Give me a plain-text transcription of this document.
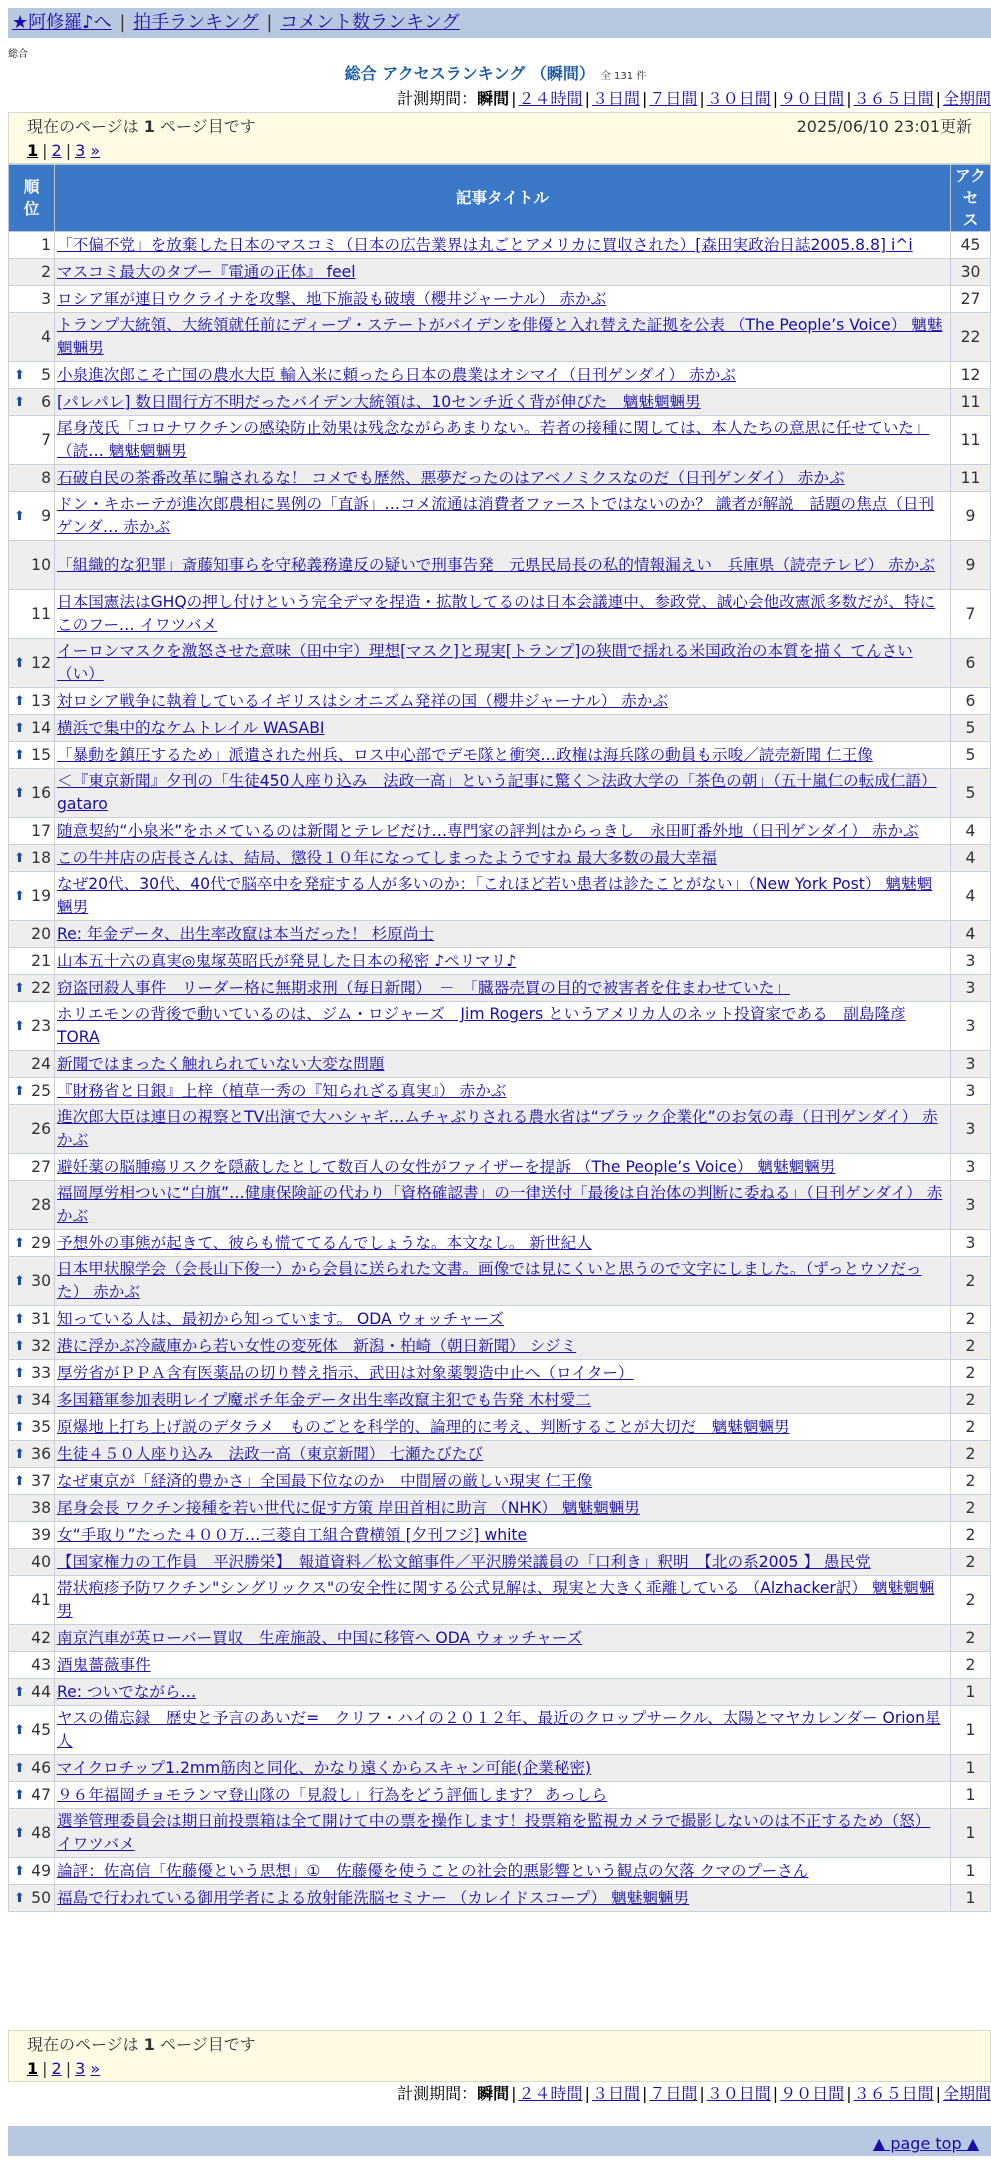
★阿修羅♪へ | 拍手ランキング | コメント数ランキング
総合
総合 アクセスランキング （瞬間） 全 131 件
計測期間：瞬間 | ２４時間 | ３日間 | ７日間 | ３０日間 | ９０日間 | ３６５日間 | 全期間
現在のページは 1 ページ目です	2025/06/10 23:01更新
1 | 2 | 3 »
順位	記事タイトル	アクセス
1	「不偏不党」を放棄した日本のマスコミ（日本の広告業界は丸ごとアメリカに買収された）[森田実政治日誌2005.8.8] i^i	45
2	マスコミ最大のタブー『電通の正体』 feel	30
3	ロシア軍が連日ウクライナを攻撃、地下施設も破壊（櫻井ジャーナル） 赤かぶ	27
4	トランプ大統領、大統領就任前にディープ・ステートがバイデンを俳優と入れ替えた証拠を公表 （The People’s Voice） 魑魅魍魎男	22

⬆ 5	小泉進次郎こそ亡国の農水大臣 輸入米に頼ったら日本の農業はオシマイ（日刊ゲンダイ） 赤かぶ	12

⬆ 6	[パレパレ] 数日間行方不明だったバイデン大統領は、10センチ近く背が伸びた　魑魅魍魎男	11
7	尾身茂氏「コロナワクチンの感染防止効果は残念ながらあまりない。若者の接種に関しては、本人たちの意思に任せていた」 （読… 魑魅魍魎男	11
8	石破自民の茶番改革に騙されるな！ コメでも歴然、悪夢だったのはアベノミクスなのだ（日刊ゲンダイ） 赤かぶ	11

⬆ 9	ドン・キホーテが進次郎農相に異例の「直訴」…コメ流通は消費者ファーストではないのか？ 識者が解説　話題の焦点（日刊ゲンダ… 赤かぶ	9
10	「組織的な犯罪」斎藤知事らを守秘義務違反の疑いで刑事告発　元県民局長の私的情報漏えい　兵庫県（読売テレビ） 赤かぶ	9
11	日本国憲法はGHQの押し付けという完全デマを捏造・拡散してるのは日本会議連中、参政党、誠心会他改憲派多数だが、特にこのフー… イワツバメ	7

⬆ 12	イーロンマスクを激怒させた意味（田中宇）理想[マスク]と現実[トランプ]の狭間で揺れる米国政治の本質を描く てんさい（い）	6

⬆ 13	対ロシア戦争に執着しているイギリスはシオニズム発祥の国（櫻井ジャーナル） 赤かぶ	6

⬆ 14	横浜で集中的なケムトレイル WASABI	5

⬆ 15	「暴動を鎮圧するため」派遣された州兵、ロス中心部でデモ隊と衝突…政権は海兵隊の動員も示唆／読売新聞 仁王像	5

⬆ 16	＜『東京新聞』夕刊の「生徒450人座り込み　法政一高」という記事に驚く＞法政大学の「茶色の朝」（五十嵐仁の転成仁語） gataro	5
17	随意契約“小泉米”をホメているのは新聞とテレビだけ…専門家の評判はからっきし　永田町番外地（日刊ゲンダイ） 赤かぶ	4

⬆ 18	この牛丼店の店長さんは、結局、懲役１０年になってしまったようですね 最大多数の最大幸福	4

⬆ 19	なぜ20代、30代、40代で脳卒中を発症する人が多いのか：「これほど若い患者は診たことがない」（New York Post） 魑魅魍魎男	4
20	Re: 年金データ、出生率改竄は本当だった！ 杉原尚士	4
21	山本五十六の真実◎鬼塚英昭氏が発見した日本の秘密 ♪ペリマリ♪	3

⬆ 22	窃盗団殺人事件　リーダー格に無期求刑（毎日新聞）　－　「臓器売買の目的で被害者を住まわせていた」	3

⬆ 23	ホリエモンの背後で動いているのは、ジム・ロジャーズ　Jim Rogers というアメリカ人のネット投資家である　副島隆彦 TORA	3
24	新聞ではまったく触れられていない大変な問題	3

⬆ 25	『財務省と日銀』上梓（植草一秀の『知られざる真実』） 赤かぶ	3
26	進次郎大臣は連日の視察とTV出演で大ハシャギ…ムチャぶりされる農水省は“ブラック企業化”のお気の毒（日刊ゲンダイ） 赤かぶ	3
27	避妊薬の脳腫瘍リスクを隠蔽したとして数百人の女性がファイザーを提訴 （The People’s Voice） 魑魅魍魎男	3
28	福岡厚労相ついに“白旗”…健康保険証の代わり「資格確認書」の一律送付「最後は自治体の判断に委ねる」（日刊ゲンダイ） 赤かぶ	3

⬆ 29	予想外の事態が起きて、彼らも慌ててるんでしょうな。本文なし。 新世紀人	3

⬆ 30	日本甲状腺学会（会長山下俊一）から会員に送られた文書。画像では見にくいと思うので文字にしました。（ずっとウソだった） 赤かぶ	2

⬆ 31	知っている人は、最初から知っています。 ODA ウォッチャーズ	2

⬆ 32	港に浮かぶ冷蔵庫から若い女性の変死体　新潟・柏崎（朝日新聞） シジミ	2

⬆ 33	厚労省がＰＰＡ含有医薬品の切り替え指示、武田は対象薬製造中止へ（ロイター）	2

⬆ 34	多国籍軍参加表明レイプ魔ポチ年金データ出生率改竄主犯でも告発 木村愛二	2

⬆ 35	原爆地上打ち上げ説のデタラメ　ものごとを科学的、論理的に考え、判断することが大切だ　魑魅魍魎男	2

⬆ 36	生徒４５０人座り込み　法政一高（東京新聞） 七瀬たびたび	2

⬆ 37	なぜ東京が「経済的豊かさ」全国最下位なのか　中間層の厳しい現実 仁王像	2
38	尾身会長 ワクチン接種を若い世代に促す方策 岸田首相に助言 （NHK） 魑魅魍魎男	2
39	女“手取り”たった４００万…三菱自工組合費横領 [夕刊フジ] white	2
40	【国家権力の工作員　平沢勝栄】　報道資料／松文館事件／平沢勝栄議員の「口利き」釈明　【北の系2005 】 愚民党	2
41	帯状疱疹予防ワクチン"シングリックス"の安全性に関する公式見解は、現実と大きく乖離している （Alzhacker訳） 魑魅魍魎男	2
42	南京汽車が英ローバー買収　生産施設、中国に移管へ ODA ウォッチャーズ	2
43	酒鬼薔薇事件	2

⬆ 44	Re: ついでながら…	1

⬆ 45	ヤスの備忘録　歴史と予言のあいだ=　クリフ・ハイの２０１２年、最近のクロップサークル、太陽とマヤカレンダー Orion星人	1

⬆ 46	マイクロチップ1.2mm筋肉と同化、かなり遠くからスキャン可能(企業秘密)	1

⬆ 47	９６年福岡チョモランマ登山隊の「見殺し」行為をどう評価します？ あっしら	1

⬆ 48	選挙管理委員会は期日前投票箱は全て開けて中の票を操作します！投票箱を監視カメラで撮影しないのは不正するため（怒） イワツバメ	1

⬆ 49	論評：佐高信「佐藤優という思想」①　佐藤優を使うことの社会的悪影響という観点の欠落 クマのプーさん	1

⬆ 50	福島で行われている御用学者による放射能洗脳セミナー （カレイドスコープ） 魑魅魍魎男	1
現在のページは 1 ページ目です
1 | 2 | 3 »
計測期間：瞬間 | ２４時間 | ３日間 | ７日間 | ３０日間 | ９０日間 | ３６５日間 | 全期間
▲ page top ▲
